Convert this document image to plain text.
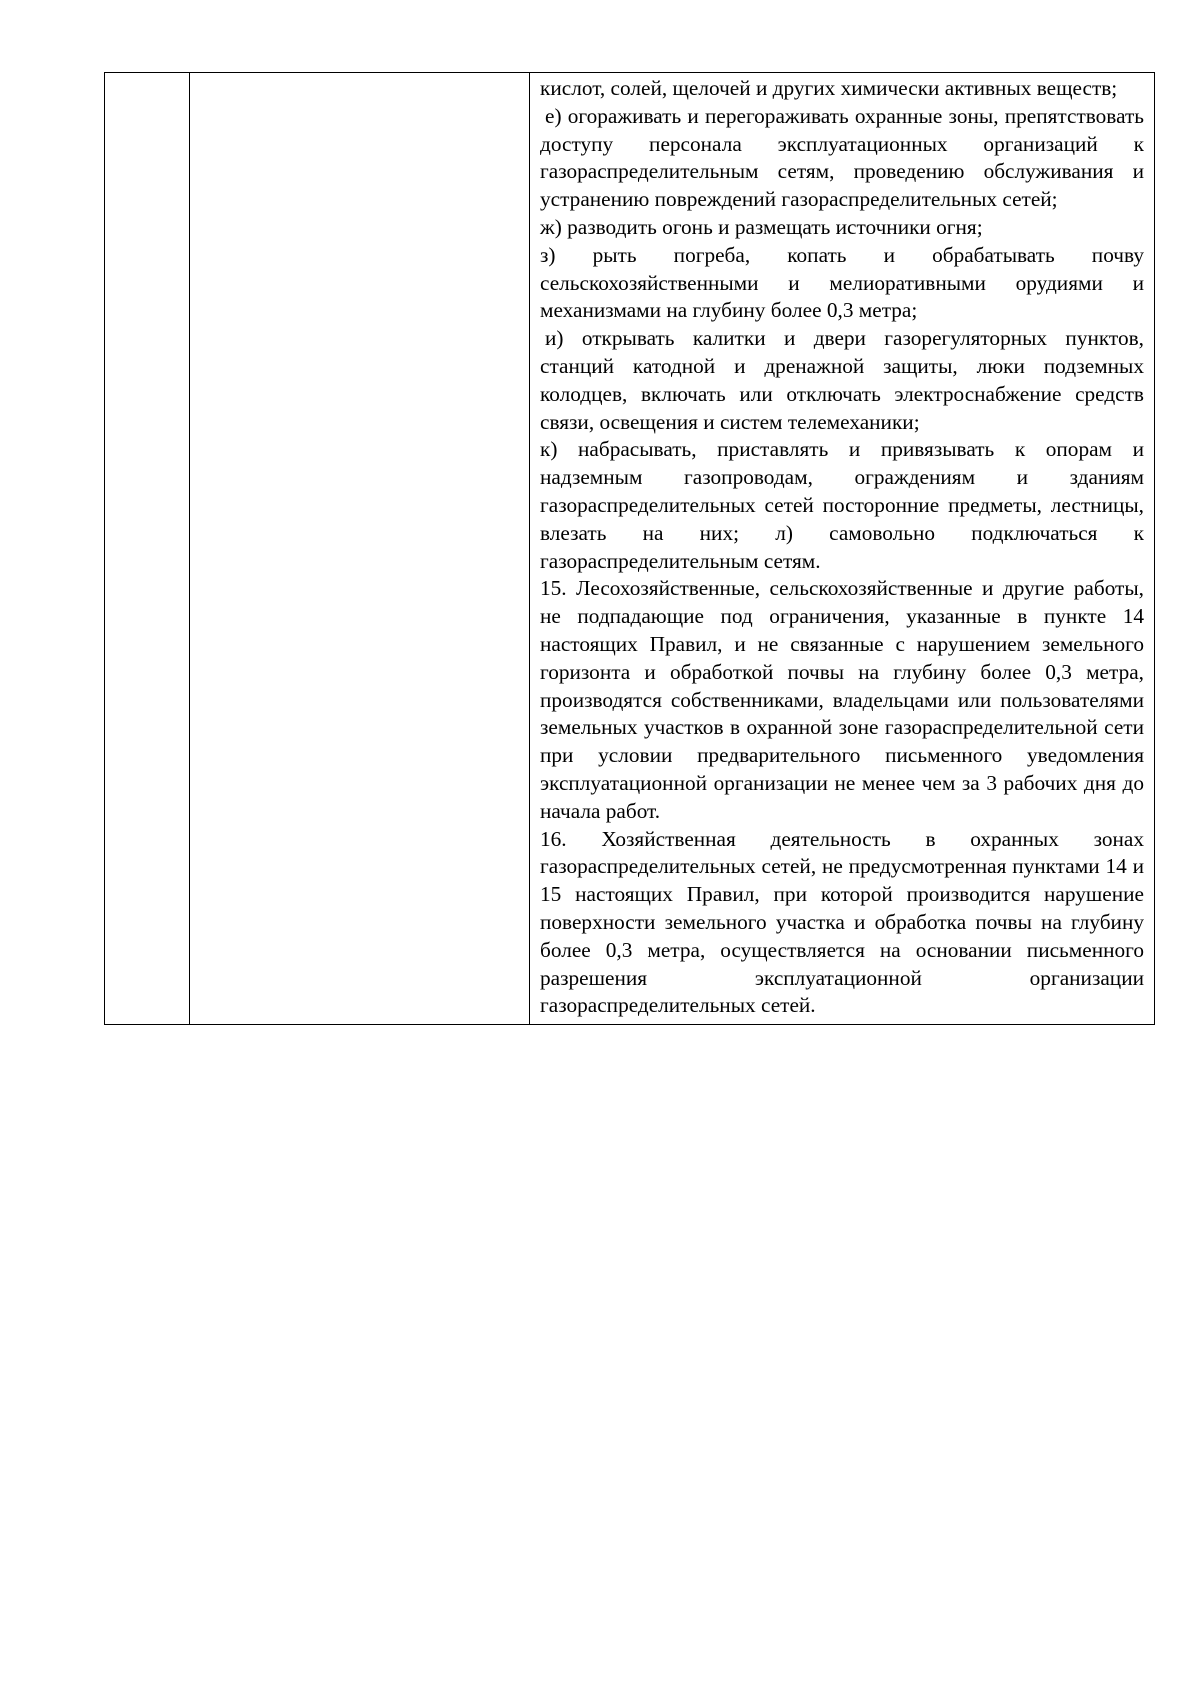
кислот, солей, щелочей и других химически активных веществ;

е) огораживать и перегораживать охранные зоны, препятствовать доступу персонала эксплуатационных организаций к газораспределительным сетям, проведению обслуживания и устранению повреждений газораспределительных сетей;

ж) разводить огонь и размещать источники огня;

з) рыть погреба, копать и обрабатывать почву сельскохозяйственными и мелиоративными орудиями и механизмами на глубину более 0,3 метра;

и) открывать калитки и двери газорегуляторных пунктов, станций катодной и дренажной защиты, люки подземных колодцев, включать или отключать электроснабжение средств связи, освещения и систем телемеханики;

к) набрасывать, приставлять и привязывать к опорам и надземным газопроводам, ограждениям и зданиям газораспределительных сетей посторонние предметы, лестницы, влезать на них; л) самовольно подключаться к газораспределительным сетям.

15. Лесохозяйственные, сельскохозяйственные и другие работы, не подпадающие под ограничения, указанные в пункте 14 настоящих Правил, и не связанные с нарушением земельного горизонта и обработкой почвы на глубину более 0,3 метра, производятся собственниками, владельцами или пользователями земельных участков в охранной зоне газораспределительной сети при условии предварительного письменного уведомления эксплуатационной организации не менее чем за 3 рабочих дня до начала работ.

16. Хозяйственная деятельность в охранных зонах газораспределительных сетей, не предусмотренная пунктами 14 и 15 настоящих Правил, при которой производится нарушение поверхности земельного участка и обработка почвы на глубину более 0,3 метра, осуществляется на основании письменного разрешения эксплуатационной организации газораспределительных сетей.
